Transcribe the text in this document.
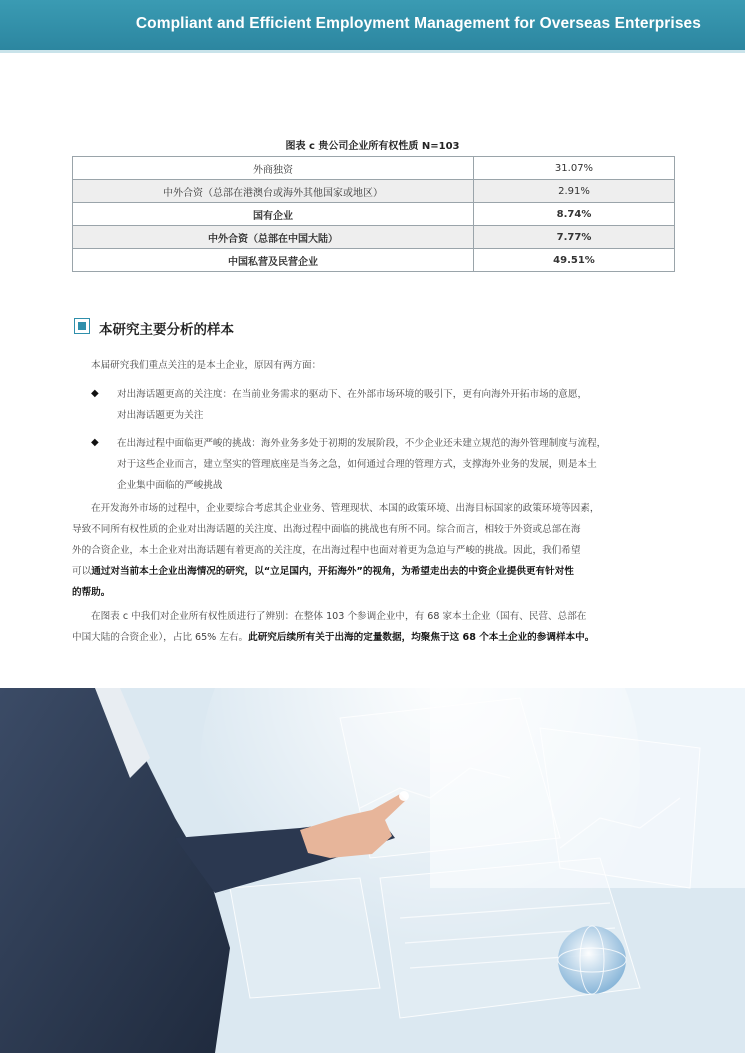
Compliant and Efficient Employment Management for Overseas Enterprises
图表 c 贵公司企业所有权性质 N=103
外商独资	31.07%
中外合资（总部在港澳台或海外其他国家或地区）	2.91%
国有企业	8.74%
中外合资（总部在中国大陆）	7.77%
中国私营及民营企业	49.51%
本研究主要分析的样本

本届研究我们重点关注的是本土企业，原因有两方面：

◆ 对出海话题更高的关注度：在当前业务需求的驱动下、在外部市场环境的吸引下，更有向海外开拓市场的意愿，

对出海话题更为关注

◆ 在出海过程中面临更严峻的挑战：海外业务多处于初期的发展阶段，不少企业还未建立规范的海外管理制度与流程，

对于这些企业而言，建立坚实的管理底座是当务之急，如何通过合理的管理方式，支撑海外业务的发展，则是本土

企业集中面临的严峻挑战

在开发海外市场的过程中，企业要综合考虑其企业业务、管理现状、本国的政策环境、出海目标国家的政策环境等因素，

导致不同所有权性质的企业对出海话题的关注度、出海过程中面临的挑战也有所不同。综合而言，相较于外资或总部在海

外的合资企业，本土企业对出海话题有着更高的关注度，在出海过程中也面对着更为急迫与严峻的挑战。因此，我们希望

可以通过对当前本土企业出海情况的研究，以“立足国内，开拓海外”的视角，为希望走出去的中资企业提供更有针对性

的帮助。

在图表 c 中我们对企业所有权性质进行了辨别：在整体 103 个参调企业中，有 68 家本土企业（国有、民营、总部在

中国大陆的合资企业），占比 65% 左右。此研究后续所有关于出海的定量数据，均聚焦于这 68 个本土企业的参调样本中。
